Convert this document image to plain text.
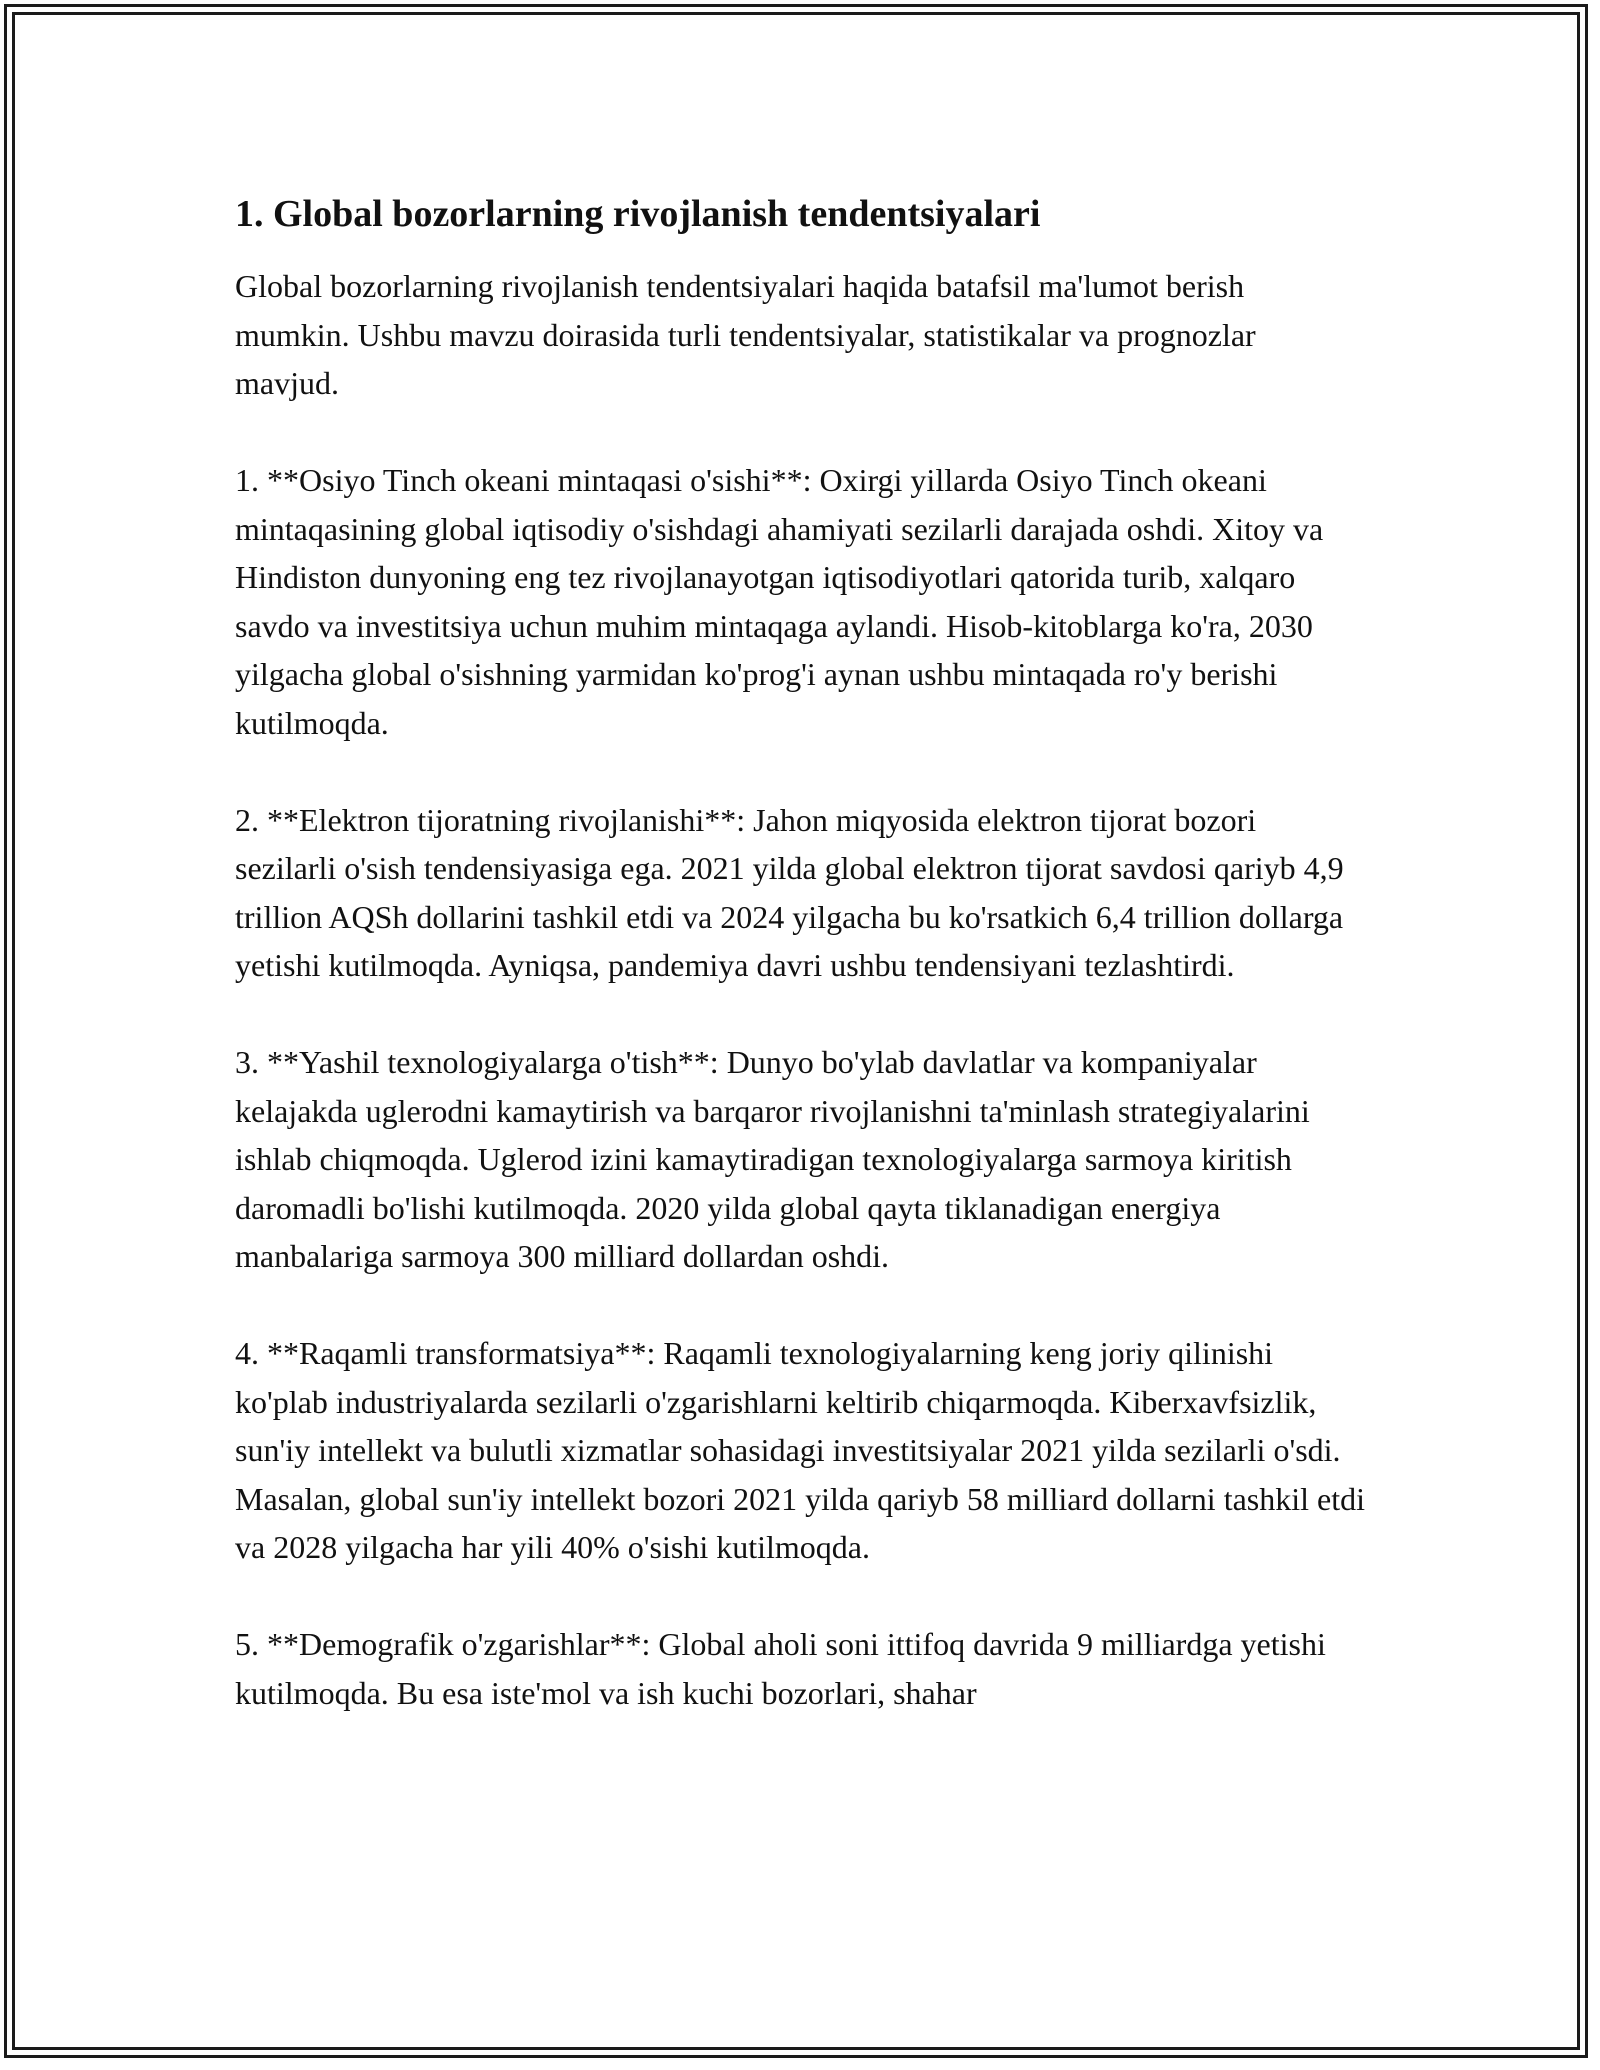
1. Global bozorlarning rivojlanish tendentsiyalari

Global bozorlarning rivojlanish tendentsiyalari haqida batafsil ma'lumot berish mumkin. Ushbu mavzu doirasida turli tendentsiyalar, statistikalar va prognozlar mavjud.

1. **Osiyo Tinch okeani mintaqasi o'sishi**: Oxirgi yillarda Osiyo Tinch okeani mintaqasining global iqtisodiy o'sishdagi ahamiyati sezilarli darajada oshdi. Xitoy va Hindiston dunyoning eng tez rivojlanayotgan iqtisodiyotlari qatorida turib, xalqaro savdo va investitsiya uchun muhim mintaqaga aylandi. Hisob-kitoblarga ko'ra, 2030 yilgacha global o'sishning yarmidan ko'prog'i aynan ushbu mintaqada ro'y berishi kutilmoqda.

2. **Elektron tijoratning rivojlanishi**: Jahon miqyosida elektron tijorat bozori sezilarli o'sish tendensiyasiga ega. 2021 yilda global elektron tijorat savdosi qariyb 4,9 trillion AQSh dollarini tashkil etdi va 2024 yilgacha bu ko'rsatkich 6,4 trillion dollarga yetishi kutilmoqda. Ayniqsa, pandemiya davri ushbu tendensiyani tezlashtirdi.

3. **Yashil texnologiyalarga o'tish**: Dunyo bo'ylab davlatlar va kompaniyalar kelajakda uglerodni kamaytirish va barqaror rivojlanishni ta'minlash strategiyalarini ishlab chiqmoqda. Uglerod izini kamaytiradigan texnologiyalarga sarmoya kiritish daromadli bo'lishi kutilmoqda. 2020 yilda global qayta tiklanadigan energiya manbalariga sarmoya 300 milliard dollardan oshdi.

4. **Raqamli transformatsiya**: Raqamli texnologiyalarning keng joriy qilinishi ko'plab industriyalarda sezilarli o'zgarishlarni keltirib chiqarmoqda. Kiberxavfsizlik, sun'iy intellekt va bulutli xizmatlar sohasidagi investitsiyalar 2021 yilda sezilarli o'sdi. Masalan, global sun'iy intellekt bozori 2021 yilda qariyb 58 milliard dollarni tashkil etdi va 2028 yilgacha har yili 40% o'sishi kutilmoqda.

5. **Demografik o'zgarishlar**: Global aholi soni ittifoq davrida 9 milliardga yetishi kutilmoqda. Bu esa iste'mol va ish kuchi bozorlari, shahar
